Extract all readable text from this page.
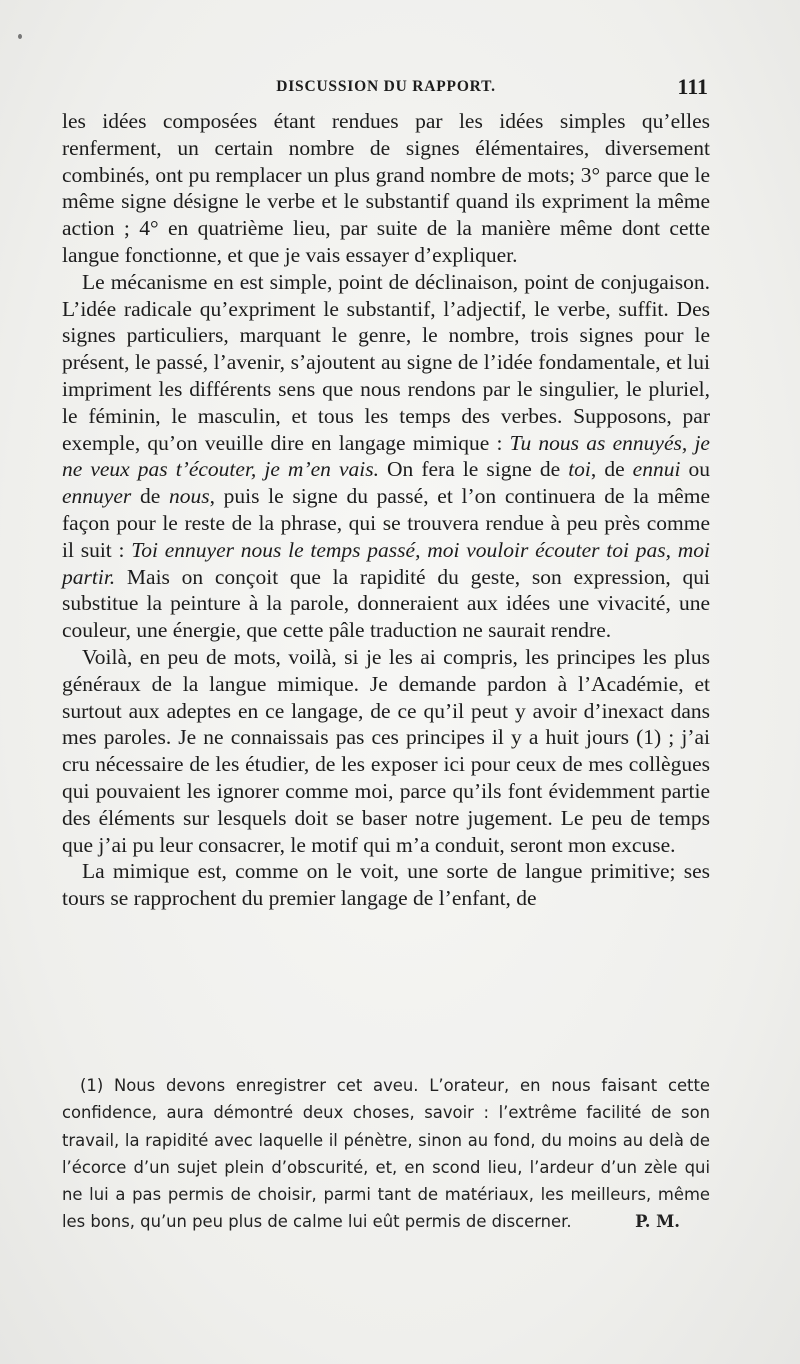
DISCUSSION DU RAPPORT.	111

les idées composées étant rendues par les idées simples qu’elles renferment, un certain nombre de signes élémentaires, diversement combinés, ont pu remplacer un plus grand nombre de mots; 3° parce que le même signe désigne le verbe et le substantif quand ils expriment la même action ; 4° en quatrième lieu, par suite de la manière même dont cette langue fonctionne, et que je vais essayer d’expliquer.

Le mécanisme en est simple, point de déclinaison, point de conjugaison. L’idée radicale qu’expriment le substantif, l’adjectif, le verbe, suffit. Des signes particuliers, marquant le genre, le nombre, trois signes pour le présent, le passé, l’avenir, s’ajoutent au signe de l’idée fondamentale, et lui impriment les différents sens que nous rendons par le singulier, le pluriel, le féminin, le masculin, et tous les temps des verbes. Supposons, par exemple, qu’on veuille dire en langage mimique : Tu nous as ennuyés, je ne veux pas t’écouter, je m’en vais. On fera le signe de toi, de ennui ou ennuyer de nous, puis le signe du passé, et l’on continuera de la même façon pour le reste de la phrase, qui se trouvera rendue à peu près comme il suit : Toi ennuyer nous le temps passé, moi vouloir écouter toi pas, moi partir. Mais on conçoit que la rapidité du geste, son expression, qui substitue la peinture à la parole, donneraient aux idées une vivacité, une couleur, une énergie, que cette pâle traduction ne saurait rendre.

Voilà, en peu de mots, voilà, si je les ai compris, les principes les plus généraux de la langue mimique. Je demande pardon à l’Académie, et surtout aux adeptes en ce langage, de ce qu’il peut y avoir d’inexact dans mes paroles. Je ne connaissais pas ces principes il y a huit jours (1) ; j’ai cru nécessaire de les étudier, de les exposer ici pour ceux de mes collègues qui pouvaient les ignorer comme moi, parce qu’ils font évidemment partie des éléments sur lesquels doit se baser notre jugement. Le peu de temps que j’ai pu leur consacrer, le motif qui m’a conduit, seront mon excuse.

La mimique est, comme on le voit, une sorte de langue primitive; ses tours se rapprochent du premier langage de l’enfant, de

(1) Nous devons enregistrer cet aveu. L’orateur, en nous faisant cette confidence, aura démontré deux choses, savoir : l’extrême facilité de son travail, la rapidité avec laquelle il pénètre, sinon au fond, du moins au delà de l’écorce d’un sujet plein d’obscurité, et, en scond lieu, l’ardeur d’un zèle qui ne lui a pas permis de choisir, parmi tant de matériaux, les meilleurs, même les bons, qu’un peu plus de calme lui eût permis de discerner.	P. M.
